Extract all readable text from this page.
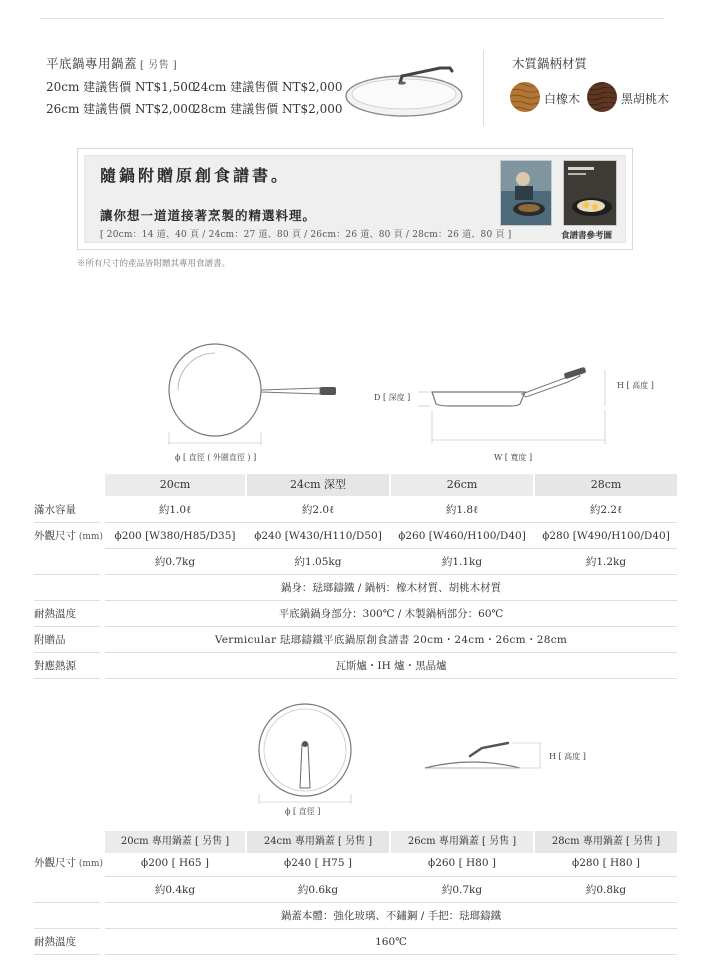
平底鍋專用鍋蓋 [ 另售 ]
20cm 建議售價 NT$1,500
24cm 建議售價 NT$2,000
26cm 建議售價 NT$2,000
28cm 建議售價 NT$2,000
木質鍋柄材質
白橡木	黑胡桃木
隨鍋附贈原創食譜書。
讓你想一道道接著烹製的精選料理。
[ 20cm：14 道、40 頁 / 24cm：27 道、80 頁 / 26cm：26 道、80 頁 / 28cm：26 道、80 頁 ]	食譜書參考圖
※所有尺寸的產品皆附贈其專用食譜書。
ϕ [ 直徑 ( 外圍直徑 ) ]
D [ 深度 ]
H [ 高度 ]
W [ 寬度 ]
20cm	24cm 深型	26cm	28cm
滿水容量	約1.0ℓ	約2.0ℓ	約1.8ℓ	約2.2ℓ
外觀尺寸 (mm)	ϕ200 [W380/H85/D35]	ϕ240 [W430/H110/D50]	ϕ260 [W460/H100/D40]	ϕ280 [W490/H100/D40]
約0.7kg	約1.05kg	約1.1kg	約1.2kg
鍋身：琺瑯鑄鐵 / 鍋柄：橡木材質、胡桃木材質
耐熱溫度	平底鍋鍋身部分：300℃ / 木製鍋柄部分：60℃
附贈品	Vermicular 琺瑯鑄鐵平底鍋原創食譜書 20cm・24cm・26cm・28cm
對應熱源	瓦斯爐・IH 爐・黑晶爐
H [ 高度 ]
ϕ [ 直徑 ]
20cm 專用鍋蓋 [ 另售 ]	24cm 專用鍋蓋 [ 另售 ]	26cm 專用鍋蓋 [ 另售 ]	28cm 專用鍋蓋 [ 另售 ]
外觀尺寸 (mm)	ϕ200 [ H65 ]	ϕ240 [ H75 ]	ϕ260 [ H80 ]	ϕ280 [ H80 ]
約0.4kg	約0.6kg	約0.7kg	約0.8kg
鍋蓋本體：強化玻璃、不鏽鋼 / 手把：琺瑯鑄鐵
耐熱溫度	160℃
